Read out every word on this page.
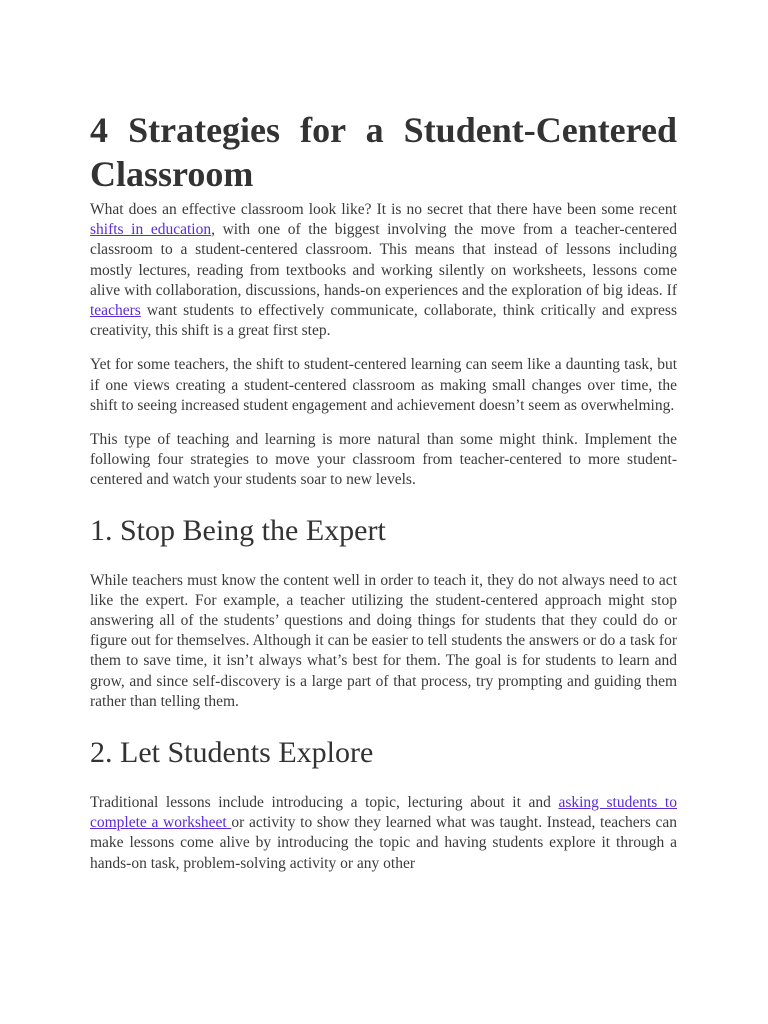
4 Strategies for a Student-Centered Classroom

What does an effective classroom look like? It is no secret that there have been some recent shifts in education, with one of the biggest involving the move from a teacher-centered classroom to a student-centered classroom. This means that instead of lessons including mostly lectures, reading from textbooks and working silently on worksheets, lessons come alive with collaboration, discussions, hands-on experiences and the exploration of big ideas. If teachers want students to effectively communicate, collaborate, think critically and express creativity, this shift is a great first step.

Yet for some teachers, the shift to student-centered learning can seem like a daunting task, but if one views creating a student-centered classroom as making small changes over time, the shift to seeing increased student engagement and achievement doesn’t seem as overwhelming.

This type of teaching and learning is more natural than some might think. Implement the following four strategies to move your classroom from teacher-centered to more student-centered and watch your students soar to new levels.

1. Stop Being the Expert

While teachers must know the content well in order to teach it, they do not always need to act like the expert. For example, a teacher utilizing the student-centered approach might stop answering all of the students’ questions and doing things for students that they could do or figure out for themselves. Although it can be easier to tell students the answers or do a task for them to save time, it isn’t always what’s best for them. The goal is for students to learn and grow, and since self-discovery is a large part of that process, try prompting and guiding them rather than telling them.

2. Let Students Explore

Traditional lessons include introducing a topic, lecturing about it and asking students to complete a worksheet or activity to show they learned what was taught. Instead, teachers can make lessons come alive by introducing the topic and having students explore it through a hands-on task, problem-solving activity or any other
